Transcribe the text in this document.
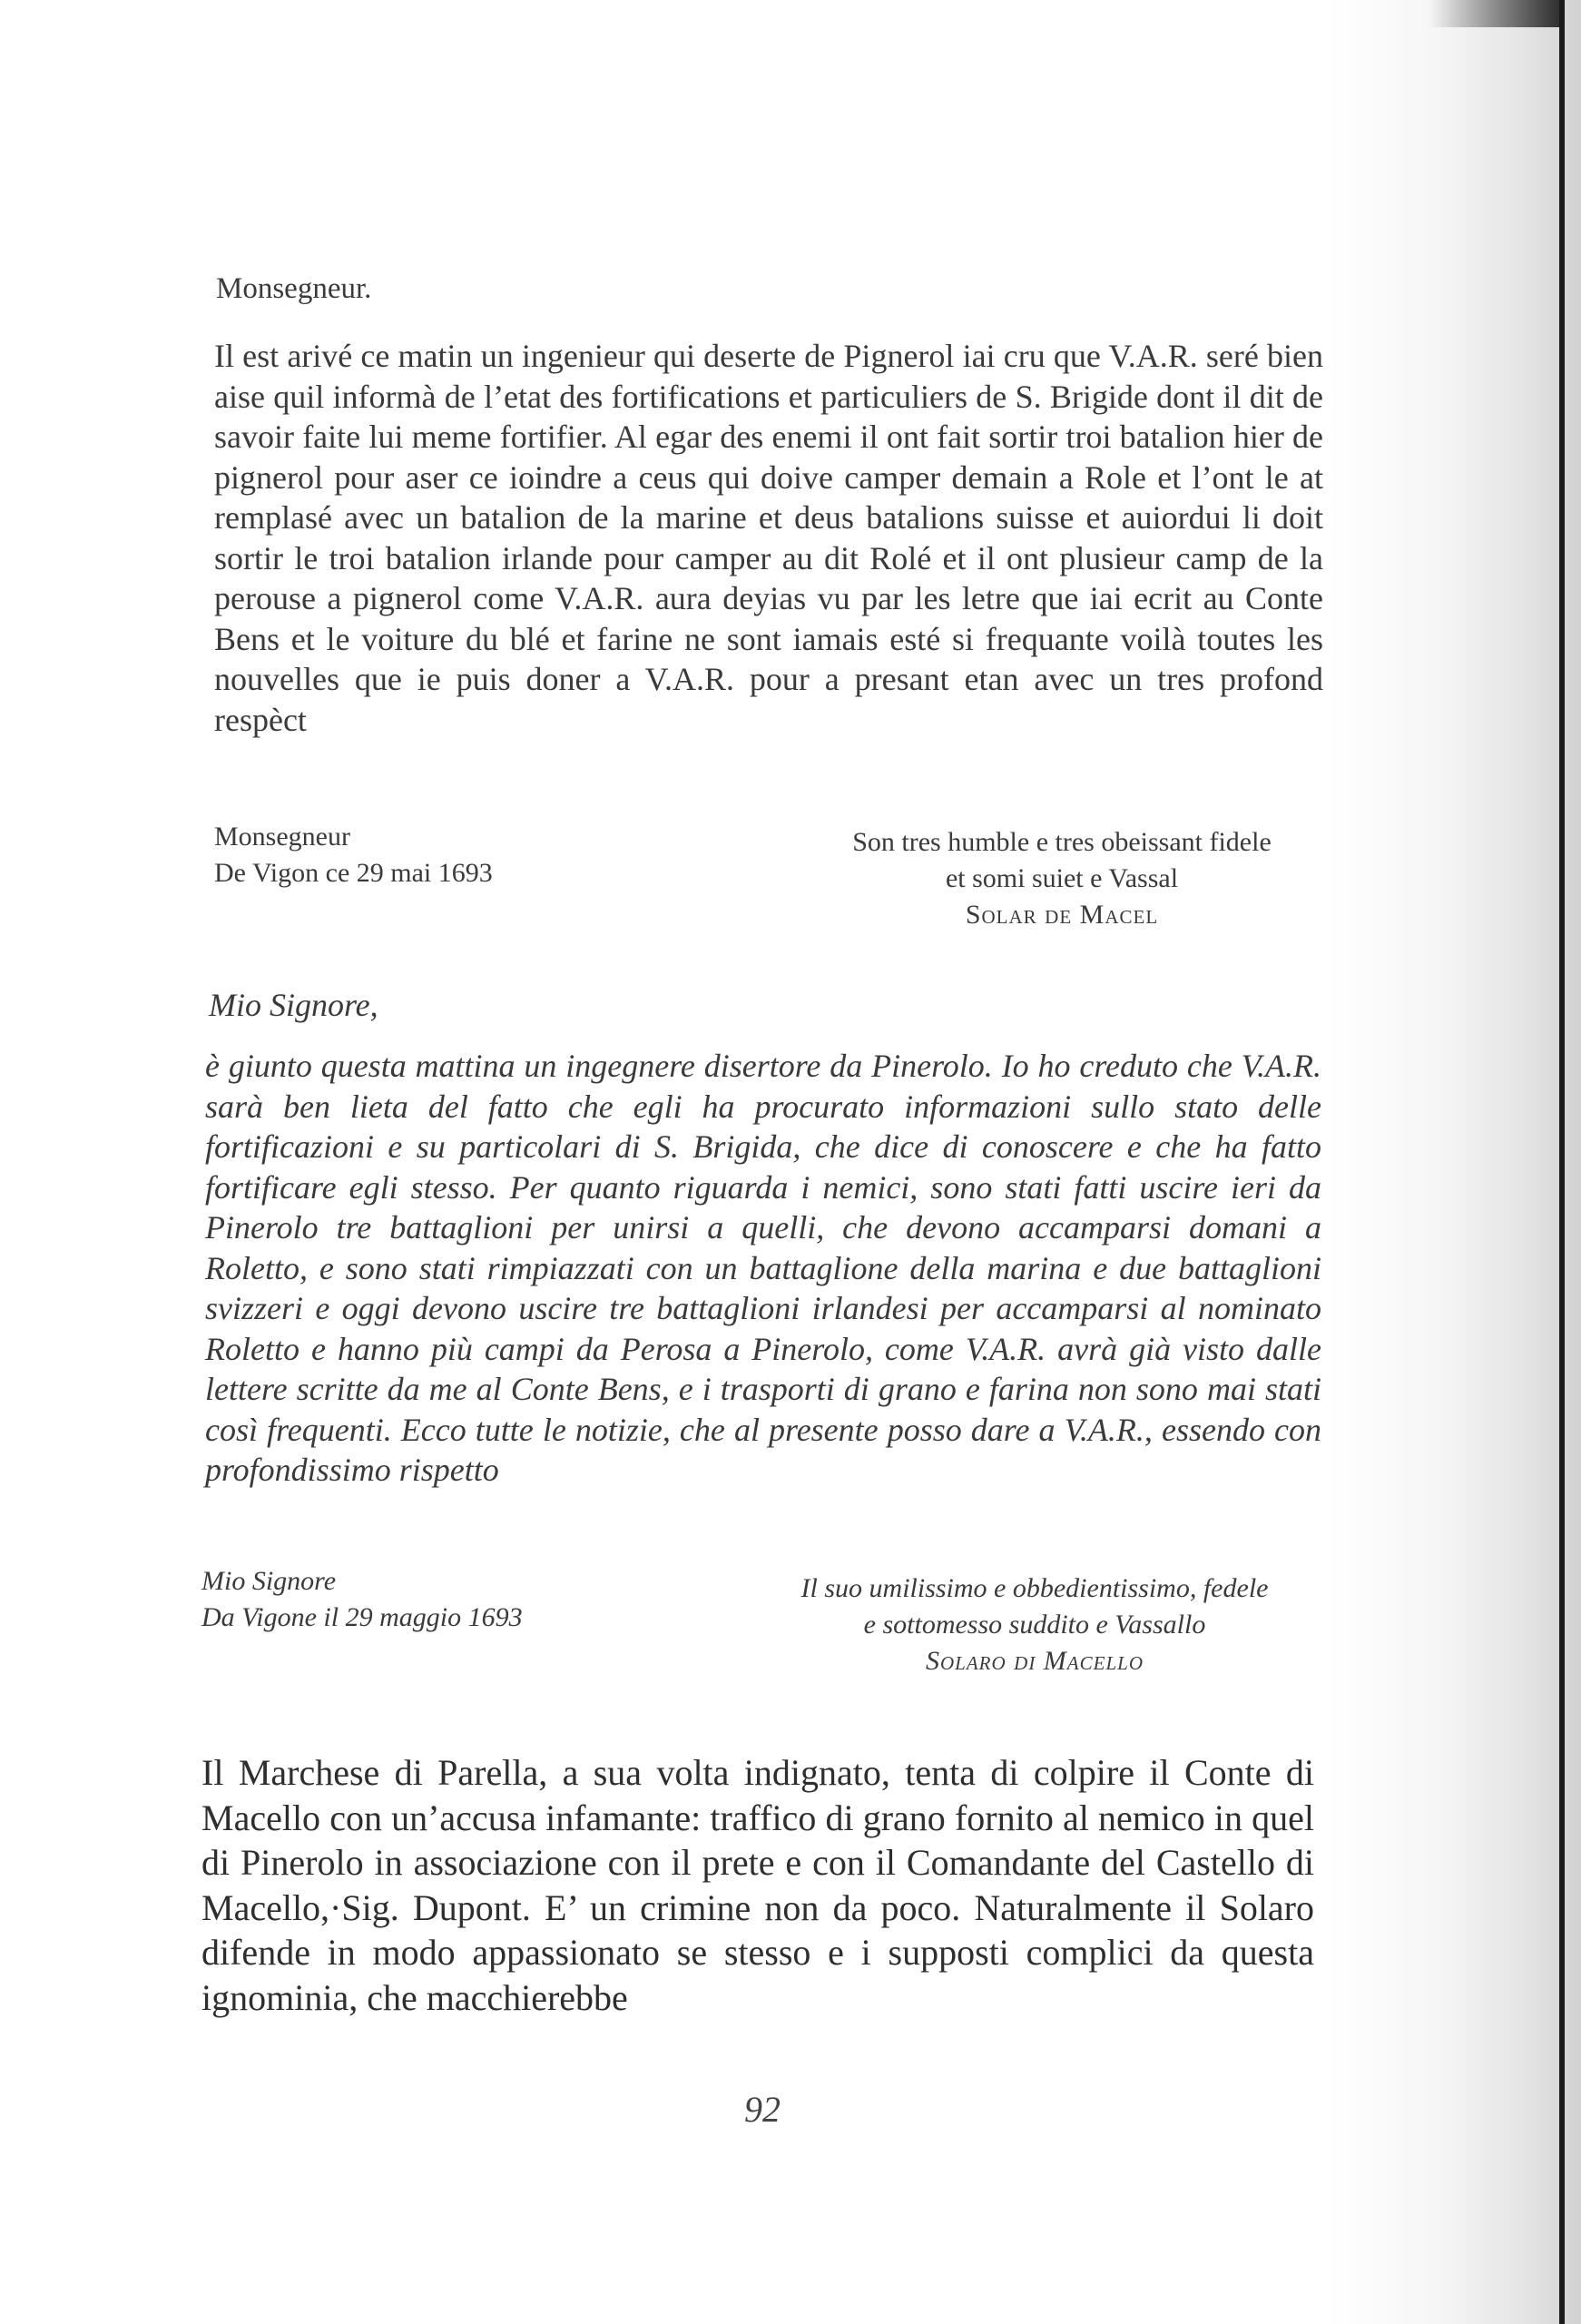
Monsegneur.

Il est arivé ce matin un ingenieur qui deserte de Pignerol iai cru que V.A.R. seré bien aise quil informà de l’etat des fortifications et particuliers de S. Brigide dont il dit de savoir faite lui meme fortifier. Al egar des enemi il ont fait sortir troi batalion hier de pignerol pour aser ce ioindre a ceus qui doive camper demain a Role et l’ont le at remplasé avec un batalion de la marine et deus batalions suisse et auiordui li doit sortir le troi batalion irlande pour camper au dit Rolé et il ont plusieur camp de la perouse a pignerol come V.A.R. aura deyias vu par les letre que iai ecrit au Conte Bens et le voiture du blé et farine ne sont iamais esté si frequante voilà toutes les nouvelles que ie puis doner a V.A.R. pour a presant etan avec un tres profond respèct

Monsegneur
De Vigon ce 29 mai 1693
Son tres humble e tres obeissant fidele
et somi suiet e Vassal
Solar de Macel
Mio Signore,

è giunto questa mattina un ingegnere disertore da Pinerolo. Io ho creduto che V.A.R. sarà ben lieta del fatto che egli ha procurato informazioni sullo stato delle fortificazioni e su particolari di S. Brigida, che dice di conoscere e che ha fatto fortificare egli stesso. Per quanto riguarda i nemici, sono stati fatti uscire ieri da Pinerolo tre battaglioni per unirsi a quelli, che devono accamparsi domani a Roletto, e sono stati rimpiazzati con un battaglione della marina e due battaglioni svizzeri e oggi devono uscire tre battaglioni irlandesi per accamparsi al nominato Roletto e hanno più campi da Perosa a Pinerolo, come V.A.R. avrà già visto dalle lettere scritte da me al Conte Bens, e i trasporti di grano e farina non sono mai stati così frequenti. Ecco tutte le notizie, che al presente posso dare a V.A.R., essendo con profondissimo rispetto

Mio Signore
Da Vigone il 29 maggio 1693
Il suo umilissimo e obbedientissimo, fedele
e sottomesso suddito e Vassallo
Solaro di Macello

Il Marchese di Parella, a sua volta indignato, tenta di colpire il Conte di Macello con un’accusa infamante: traffico di grano fornito al nemico in quel di Pinerolo in associazione con il prete e con il Comandante del Castello di Macello,·Sig. Dupont. E’ un crimine non da poco. Naturalmente il Solaro difende in modo appassionato se stesso e i supposti complici da questa ignominia, che macchierebbe

92
